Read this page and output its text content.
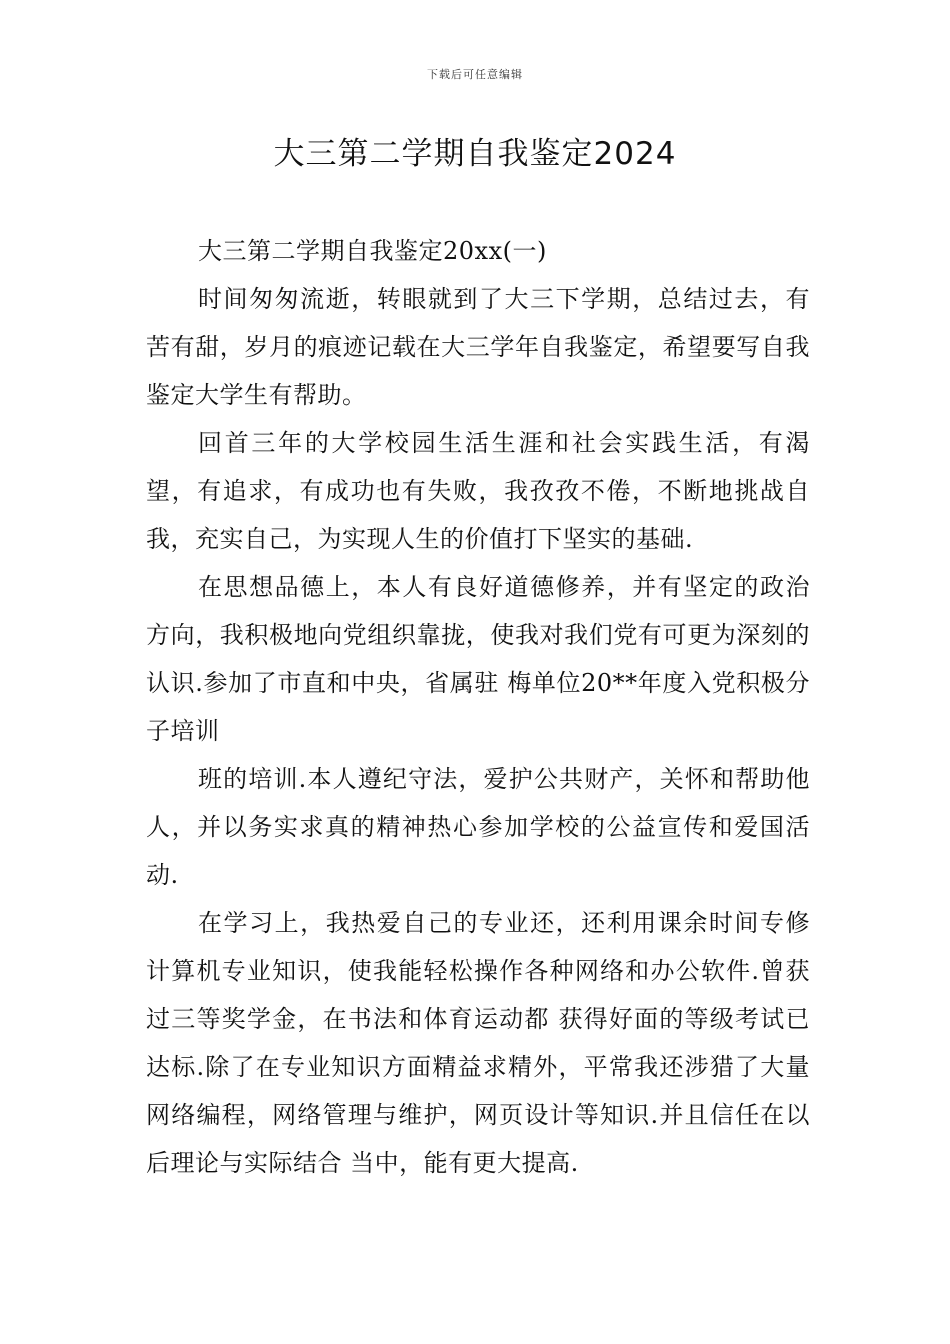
下载后可任意编辑
大三第二学期自我鉴定2024

大三第二学期自我鉴定20xx(一)

时间匆匆流逝，转眼就到了大三下学期，总结过去，有苦有甜，岁月的痕迹记载在大三学年自我鉴定，希望要写自我鉴定大学生有帮助。

回首三年的大学校园生活生涯和社会实践生活，有渴望，有追求，有成功也有失败，我孜孜不倦，不断地挑战自我，充实自己，为实现人生的价值打下坚实的基础.

在思想品德上，本人有良好道德修养，并有坚定的政治方向，我积极地向党组织靠拢，使我对我们党有可更为深刻的认识.参加了市直和中央，省属驻 梅单位20**年度入党积极分子培训

班的培训.本人遵纪守法，爱护公共财产，关怀和帮助他人，并以务实求真的精神热心参加学校的公益宣传和爱国活动.

在学习上，我热爱自己的专业还，还利用课余时间专修计算机专业知识，使我能轻松操作各种网络和办公软件.曾获过三等奖学金，在书法和体育运动都 获得好面的等级考试已达标.除了在专业知识方面精益求精外，平常我还涉猎了大量网络编程，网络管理与维护，网页设计等知识.并且信任在以后理论与实际结合 当中，能有更大提高.
